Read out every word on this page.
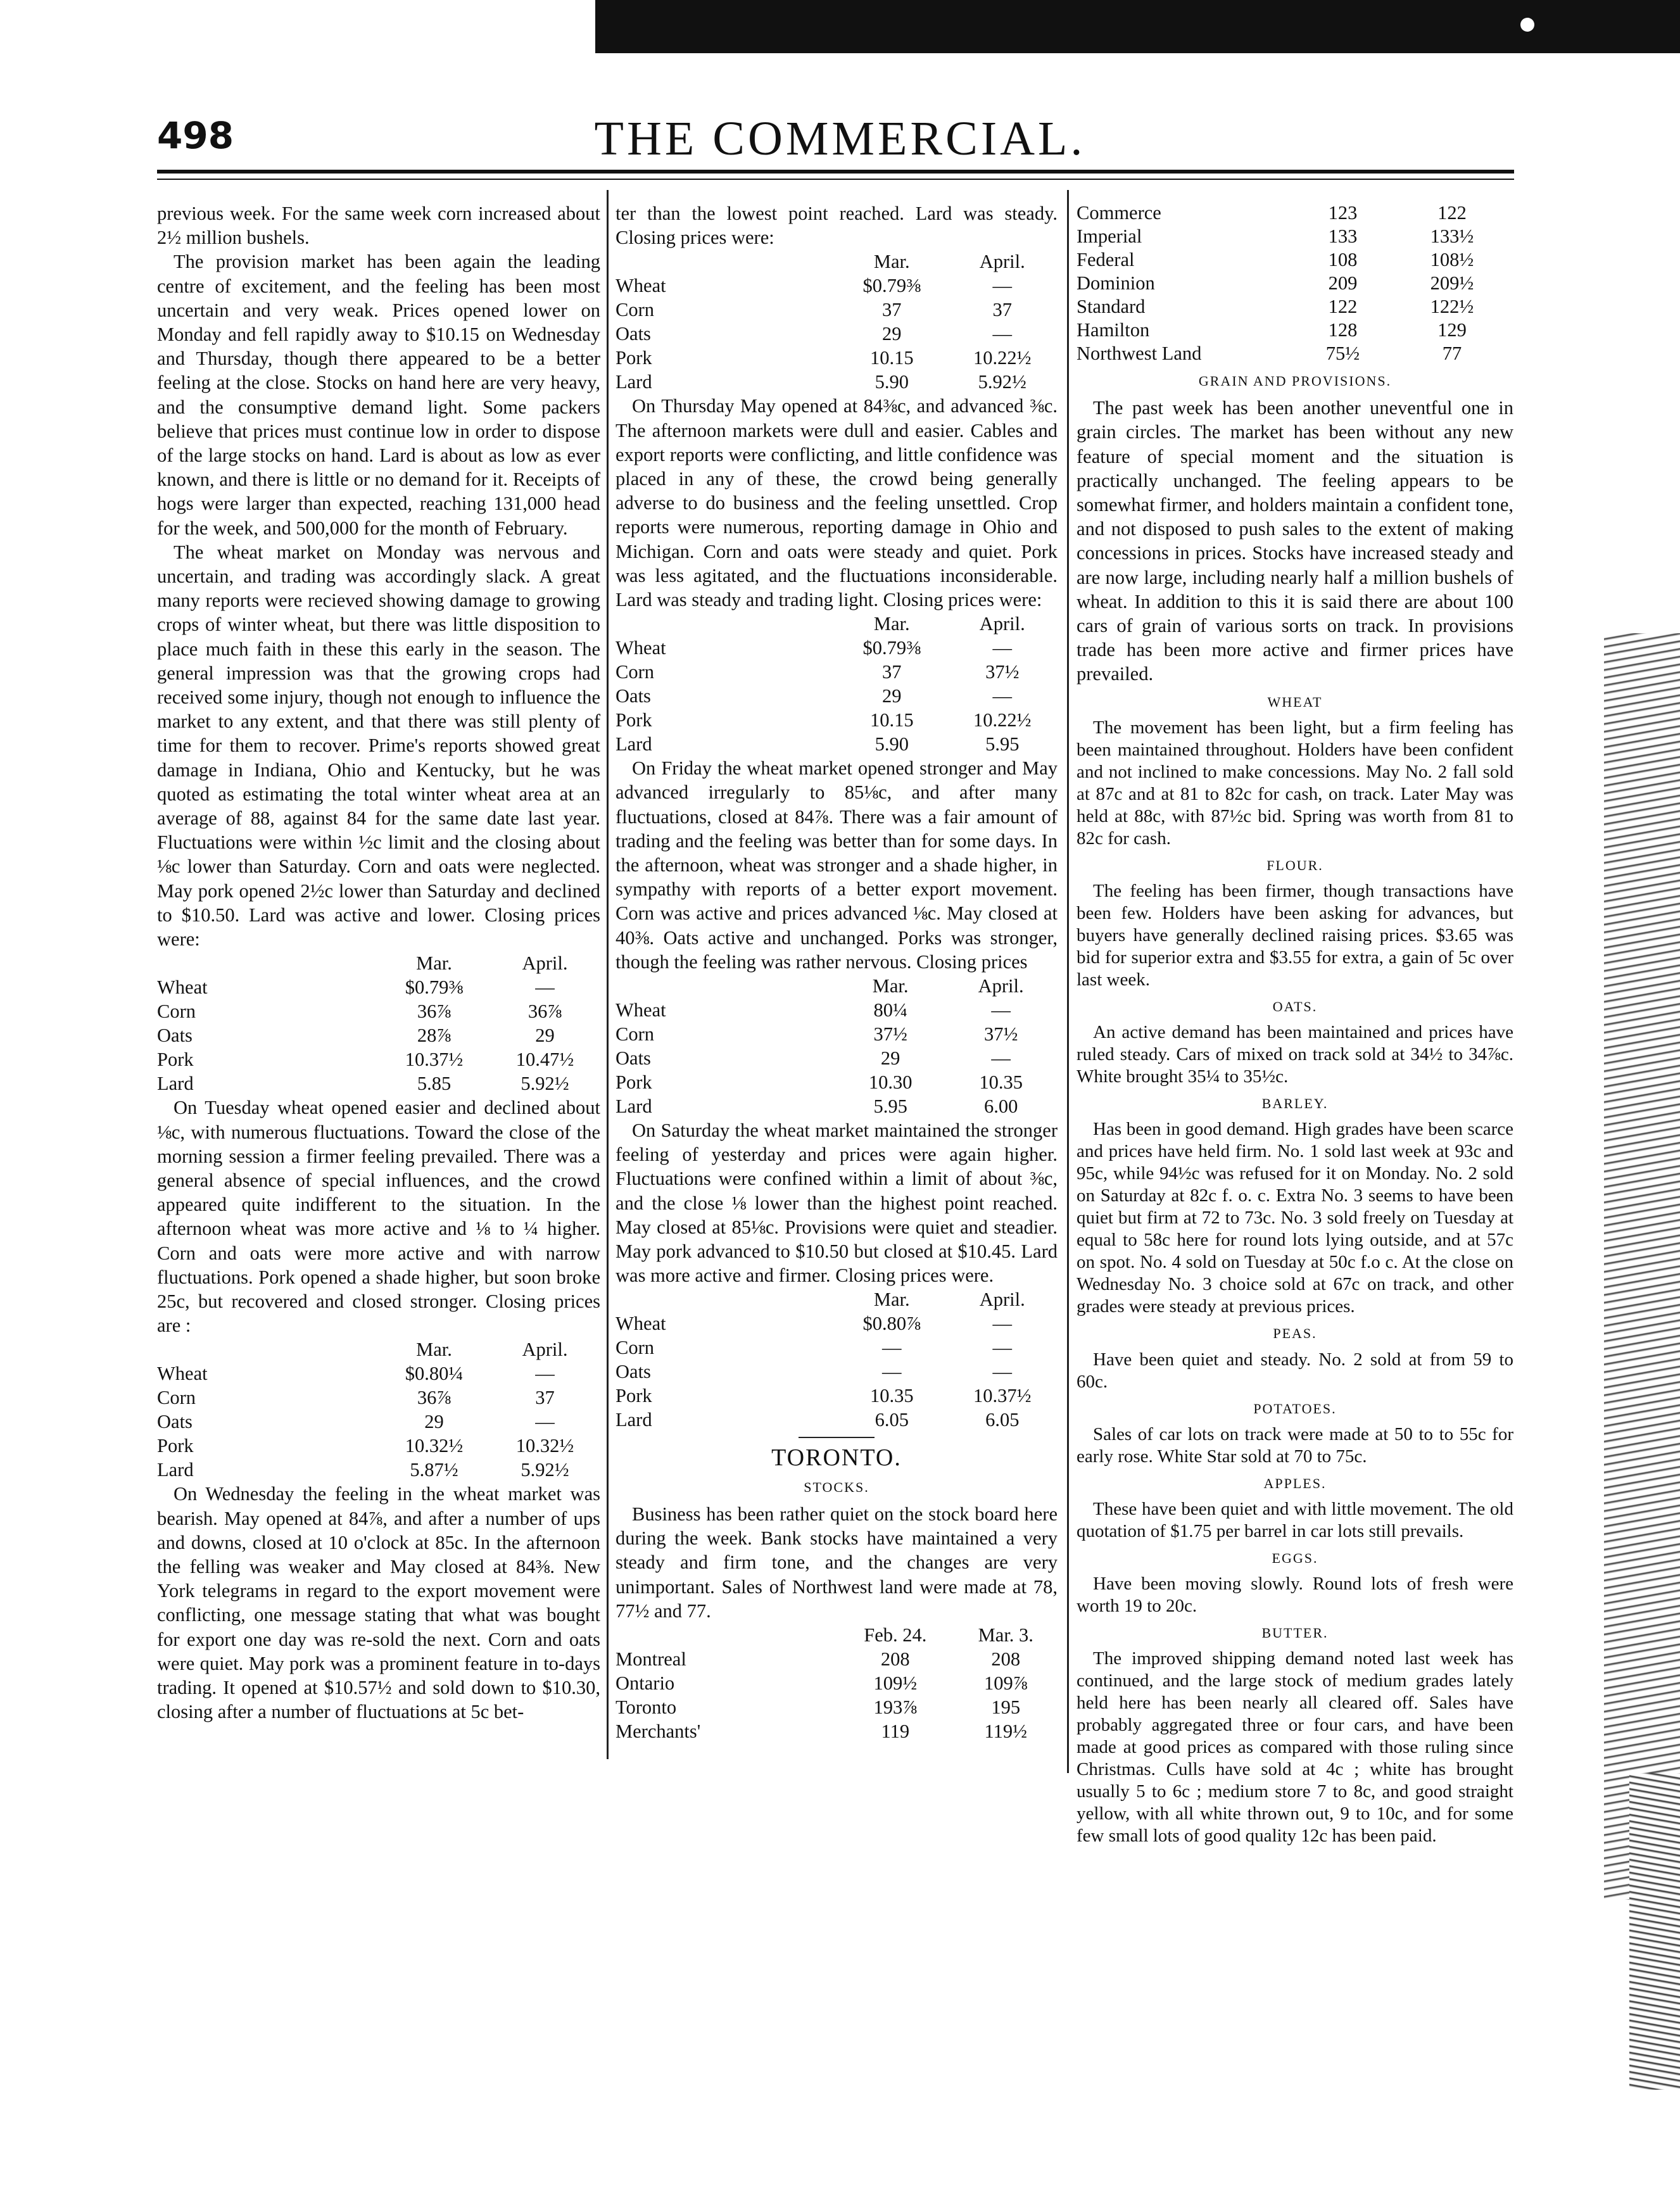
498	THE COMMERCIAL.

previous week. For the same week corn increased about 2½ million bushels.

The provision market has been again the leading centre of excitement, and the feeling has been most uncertain and very weak. Prices opened lower on Monday and fell rapidly away to $10.15 on Wednesday and Thursday, though there appeared to be a better feeling at the close. Stocks on hand here are very heavy, and the consumptive demand light. Some packers believe that prices must continue low in order to dispose of the large stocks on hand. Lard is about as low as ever known, and there is little or no demand for it. Receipts of hogs were larger than expected, reaching 131,000 head for the week, and 500,000 for the month of February.

The wheat market on Monday was nervous and uncertain, and trading was accordingly slack. A great many reports were recieved showing damage to growing crops of winter wheat, but there was little disposition to place much faith in these this early in the season. The general impression was that the growing crops had received some injury, though not enough to influence the market to any extent, and that there was still plenty of time for them to recover. Prime's reports showed great damage in Indiana, Ohio and Kentucky, but he was quoted as estimating the total winter wheat area at an average of 88, against 84 for the same date last year. Fluctuations were within ½c limit and the closing about ⅛c lower than Saturday. Corn and oats were neglected. May pork opened 2½c lower than Saturday and declined to $10.50. Lard was active and lower. Closing prices were:

	Mar.	April.
Wheat	$0.79⅜	—
Corn	36⅞	36⅞
Oats	28⅞	29
Pork	10.37½	10.47½
Lard	5.85	5.92½

On Tuesday wheat opened easier and declined about ⅛c, with numerous fluctuations. Toward the close of the morning session a firmer feeling prevailed. There was a general absence of special influences, and the crowd appeared quite indifferent to the situation. In the afternoon wheat was more active and ⅛ to ¼ higher. Corn and oats were more active and with narrow fluctuations. Pork opened a shade higher, but soon broke 25c, but recovered and closed stronger. Closing prices are :

	Mar.	April.
Wheat	$0.80¼	—
Corn	36⅞	37
Oats	29	—
Pork	10.32½	10.32½
Lard	5.87½	5.92½

On Wednesday the feeling in the wheat market was bearish. May opened at 84⅞, and after a number of ups and downs, closed at 10 o'clock at 85c. In the afternoon the felling was weaker and May closed at 84⅜. New York telegrams in regard to the export movement were conflicting, one message stating that what was bought for export one day was re-sold the next. Corn and oats were quiet. May pork was a prominent feature in to-days trading. It opened at $10.57½ and sold down to $10.30, closing after a number of fluctuations at 5c bet-

ter than the lowest point reached. Lard was steady. Closing prices were:

	Mar.	April.
Wheat	$0.79⅜	—
Corn	37	37
Oats	29	—
Pork	10.15	10.22½
Lard	5.90	5.92½

On Thursday May opened at 84⅜c, and advanced ⅜c. The afternoon markets were dull and easier. Cables and export reports were conflicting, and little confidence was placed in any of these, the crowd being generally adverse to do business and the feeling unsettled. Crop reports were numerous, reporting damage in Ohio and Michigan. Corn and oats were steady and quiet. Pork was less agitated, and the fluctuations inconsiderable. Lard was steady and trading light. Closing prices were:

	Mar.	April.
Wheat	$0.79⅜	—
Corn	37	37½
Oats	29	—
Pork	10.15	10.22½
Lard	5.90	5.95

On Friday the wheat market opened stronger and May advanced irregularly to 85⅛c, and after many fluctuations, closed at 84⅞. There was a fair amount of trading and the feeling was better than for some days. In the afternoon, wheat was stronger and a shade higher, in sympathy with reports of a better export movement. Corn was active and prices advanced ⅛c. May closed at 40⅜. Oats active and unchanged. Porks was stronger, though the feeling was rather nervous. Closing prices

	Mar.	April.
Wheat	80¼	—
Corn	37½	37½
Oats	29	—
Pork	10.30	10.35
Lard	5.95	6.00

On Saturday the wheat market maintained the stronger feeling of yesterday and prices were again higher. Fluctuations were confined within a limit of about ⅜c, and the close ⅛ lower than the highest point reached. May closed at 85⅛c. Provisions were quiet and steadier. May pork advanced to $10.50 but closed at $10.45. Lard was more active and firmer. Closing prices were.

	Mar.	April.
Wheat	$0.80⅞	—
Corn	—	—
Oats	—	—
Pork	10.35	10.37½
Lard	6.05	6.05
TORONTO.
STOCKS.

Business has been rather quiet on the stock board here during the week. Bank stocks have maintained a very steady and firm tone, and the changes are very unimportant. Sales of Northwest land were made at 78, 77½ and 77.

	Feb. 24.	Mar. 3.
Montreal	208	208
Ontario	109½	109⅞
Toronto	193⅞	195
Merchants'	119	119½
Commerce	123	122
Imperial	133	133½
Federal	108	108½
Dominion	209	209½
Standard	122	122½
Hamilton	128	129
Northwest Land	75½	77
GRAIN AND PROVISIONS.

The past week has been another uneventful one in grain circles. The market has been without any new feature of special moment and the situation is practically unchanged. The feeling appears to be somewhat firmer, and holders maintain a confident tone, and not disposed to push sales to the extent of making concessions in prices. Stocks have increased steady and are now large, including nearly half a million bushels of wheat. In addition to this it is said there are about 100 cars of grain of various sorts on track. In provisions trade has been more active and firmer prices have prevailed.

WHEAT

The movement has been light, but a firm feeling has been maintained throughout. Holders have been confident and not inclined to make concessions. May No. 2 fall sold at 87c and at 81 to 82c for cash, on track. Later May was held at 88c, with 87½c bid. Spring was worth from 81 to 82c for cash.

FLOUR.

The feeling has been firmer, though transactions have been few. Holders have been asking for advances, but buyers have generally declined raising prices. $3.65 was bid for superior extra and $3.55 for extra, a gain of 5c over last week.

OATS.

An active demand has been maintained and prices have ruled steady. Cars of mixed on track sold at 34½ to 34⅞c. White brought 35¼ to 35½c.

BARLEY.

Has been in good demand. High grades have been scarce and prices have held firm. No. 1 sold last week at 93c and 95c, while 94½c was refused for it on Monday. No. 2 sold on Saturday at 82c f. o. c. Extra No. 3 seems to have been quiet but firm at 72 to 73c. No. 3 sold freely on Tuesday at equal to 58c here for round lots lying outside, and at 57c on spot. No. 4 sold on Tuesday at 50c f.o c. At the close on Wednesday No. 3 choice sold at 67c on track, and other grades were steady at previous prices.

PEAS.

Have been quiet and steady. No. 2 sold at from 59 to 60c.

POTATOES.

Sales of car lots on track were made at 50 to to 55c for early rose. White Star sold at 70 to 75c.

APPLES.

These have been quiet and with little movement. The old quotation of $1.75 per barrel in car lots still prevails.

EGGS.

Have been moving slowly. Round lots of fresh were worth 19 to 20c.

BUTTER.

The improved shipping demand noted last week has continued, and the large stock of medium grades lately held here has been nearly all cleared off. Sales have probably aggregated three or four cars, and have been made at good prices as compared with those ruling since Christmas. Culls have sold at 4c ; white has brought usually 5 to 6c ; medium store 7 to 8c, and good straight yellow, with all white thrown out, 9 to 10c, and for some few small lots of good quality 12c has been paid.
